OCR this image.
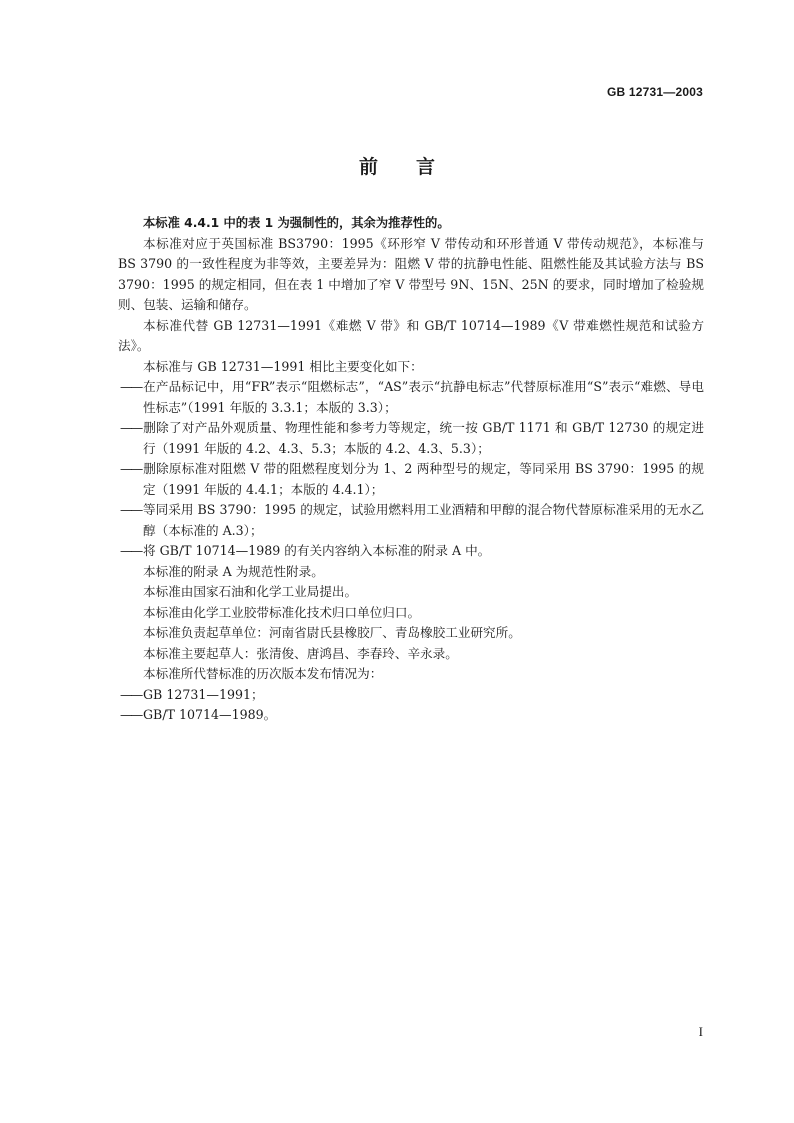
GB 12731—2003
前　　言

本标准 4.4.1 中的表 1 为强制性的，其余为推荐性的。

本标准对应于英国标准 BS3790：1995《环形窄 V 带传动和环形普通 V 带传动规范》，本标准与 BS 3790 的一致性程度为非等效，主要差异为：阻燃 V 带的抗静电性能、阻燃性能及其试验方法与 BS 3790：1995 的规定相同，但在表 1 中增加了窄 V 带型号 9N、15N、25N 的要求，同时增加了检验规则、包装、运输和储存。

本标准代替 GB 12731—1991《难燃 V 带》和 GB/T 10714—1989《V 带难燃性规范和试验方法》。

本标准与 GB 12731—1991 相比主要变化如下：

—— 在产品标记中，用“FR”表示“阻燃标志”，“AS”表示“抗静电标志”代替原标准用“S”表示“难燃、导电性标志”（1991 年版的 3.3.1；本版的 3.3）；

—— 删除了对产品外观质量、物理性能和参考力等规定，统一按 GB/T 1171 和 GB/T 12730 的规定进行（1991 年版的 4.2、4.3、5.3；本版的 4.2、4.3、5.3）；

—— 删除原标准对阻燃 V 带的阻燃程度划分为 1、2 两种型号的规定，等同采用 BS 3790：1995 的规定（1991 年版的 4.4.1；本版的 4.4.1）；

—— 等同采用 BS 3790：1995 的规定，试验用燃料用工业酒精和甲醇的混合物代替原标准采用的无水乙醇（本标准的 A.3）；

—— 将 GB/T 10714—1989 的有关内容纳入本标准的附录 A 中。

本标准的附录 A 为规范性附录。

本标准由国家石油和化学工业局提出。

本标准由化学工业胶带标准化技术归口单位归口。

本标准负责起草单位：河南省尉氏县橡胶厂、青岛橡胶工业研究所。

本标准主要起草人：张清俊、唐鸿昌、李春玲、辛永录。

本标准所代替标准的历次版本发布情况为：

—— GB 12731—1991；

—— GB/T 10714—1989。

I
